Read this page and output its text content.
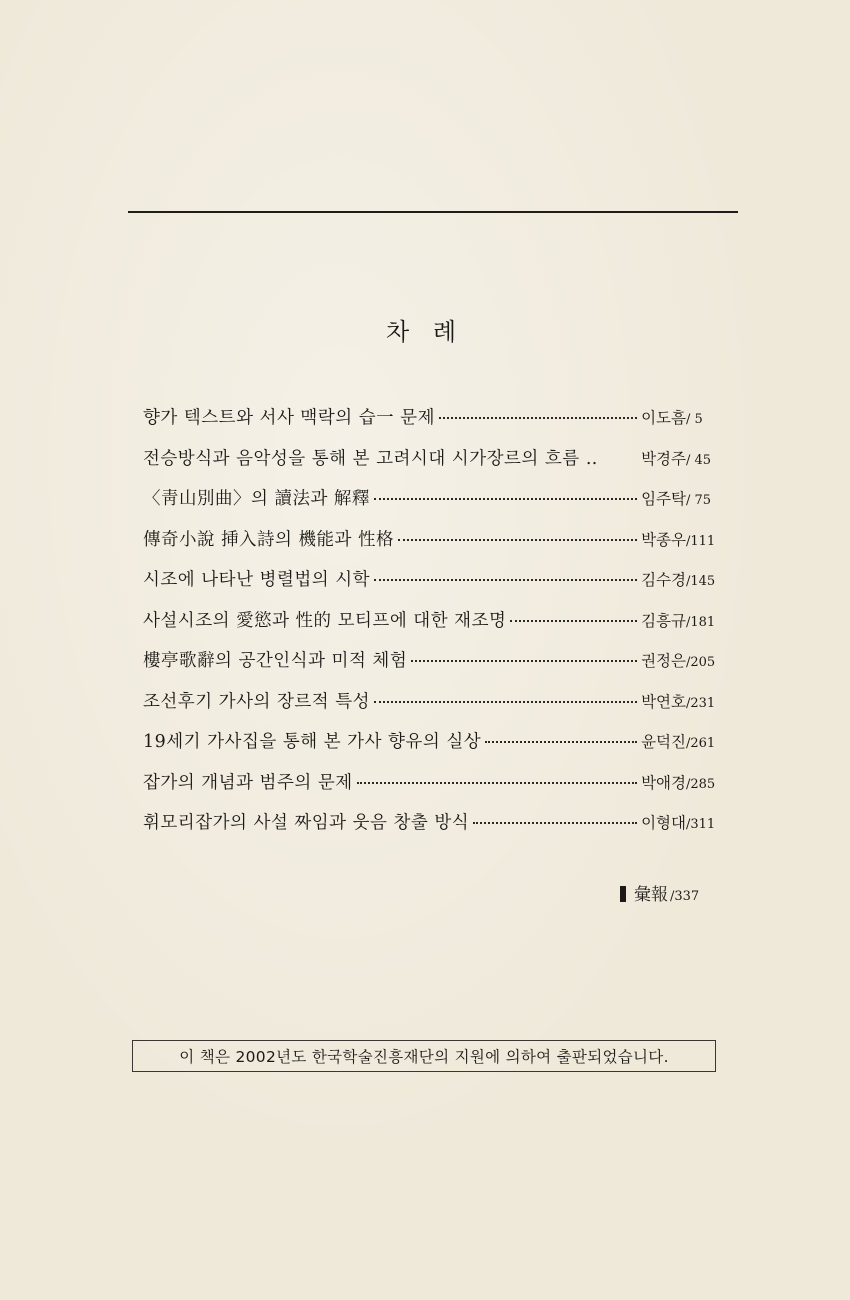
차 례
향가 텍스트와 서사 맥락의 습一 문제	이도흠 / 5
전승방식과 음악성을 통해 본 고려시대 시가장르의 흐름 ‥	박경주 / 45
〈靑山別曲〉의 讀法과 解釋	임주탁 / 75
傳奇小說 挿入詩의 機能과 性格	박종우 /111
시조에 나타난 병렬법의 시학	김수경 /145
사설시조의 愛慾과 性的 모티프에 대한 재조명	김흥규 /181
樓亭歌辭의 공간인식과 미적 체험	권정은 /205
조선후기 가사의 장르적 특성	박연호 /231
19세기 가사집을 통해 본 가사 향유의 실상	윤덕진 /261
잡가의 개념과 범주의 문제	박애경 /285
휘모리잡가의 사설 짜임과 웃음 창출 방식	이형대 /311
彙報 /337
이 책은 2002년도 한국학술진흥재단의 지원에 의하여 출판되었습니다.
